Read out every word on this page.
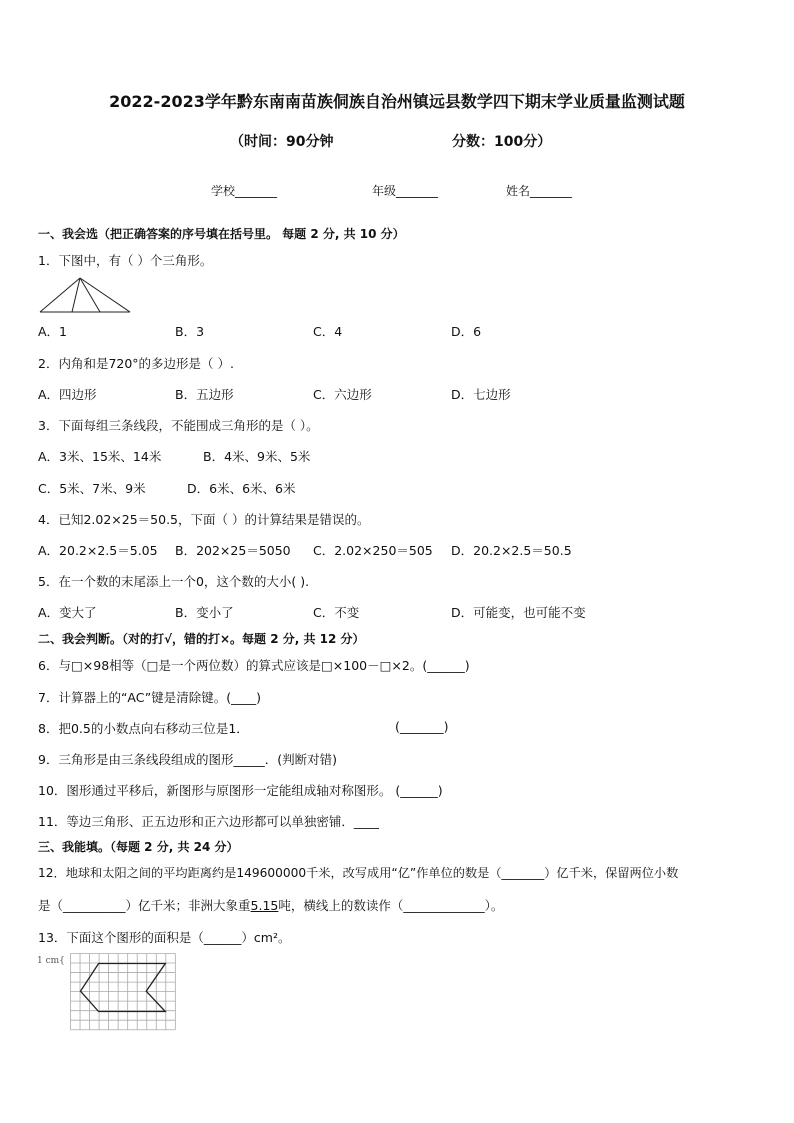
2022-2023学年黔东南南苗族侗族自治州镇远县数学四下期末学业质量监测试题
（时间：90分钟	分数：100分）
学校_______	年级_______	姓名_______
一、我会选（把正确答案的序号填在括号里。 每题 2 分, 共 10 分）
1．下图中，有（ ）个三角形。
A．1	B．3	C．4	D．6
2．内角和是720°的多边形是（ ）.
A．四边形	B．五边形	C．六边形	D．七边形
3．下面每组三条线段，不能围成三角形的是（ ）。
A．3米、15米、14米	B．4米、9米、5米
C．5米、7米、9米	D．6米、6米、6米
4．已知2.02×25＝50.5，下面（ ）的计算结果是错误的。
A．20.2×2.5＝5.05 B．202×25＝5050 C．2.02×250＝505 D．20.2×2.5＝50.5
5．在一个数的末尾添上一个0，这个数的大小( ).
A．变大了	B．变小了	C．不变	D．可能变，也可能不变
二、我会判断。（对的打√，错的打×。每题 2 分, 共 12 分）
6．与□×98相等（□是一个两位数）的算式应该是□×100－□×2。(______)
7．计算器上的“AC”键是清除键。(____)
8．把0.5的小数点向右移动三位是1．	(_______)
9．三角形是由三条线段组成的图形_____．(判断对错)
10．图形通过平移后，新图形与原图形一定能组成轴对称图形。 (______)
11．等边三角形、正五边形和正六边形都可以单独密铺．____
三、我能填。（每题 2 分, 共 24 分）
12．地球和太阳之间的平均距离约是149600000千米，改写成用“亿”作单位的数是（_______）亿千米，保留两位小数
是（__________）亿千米；非洲大象重5.15吨，横线上的数读作（_____________）。
13．下面这个图形的面积是（______）cm²。
1 cm{
